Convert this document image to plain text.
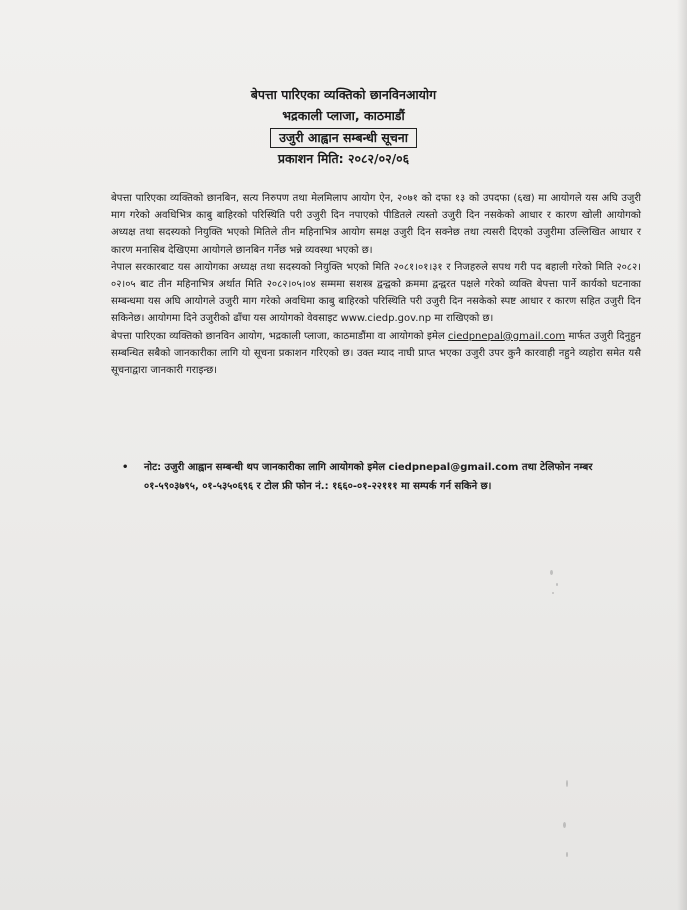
बेपत्ता पारिएका व्यक्तिको छानविनआयोग
भद्रकाली प्लाजा, काठमाडौं
उजुरी आह्वान सम्बन्धी सूचना
प्रकाशन मिति: २०८२/०२/०६

बेपत्ता पारिएका व्यक्तिको छानबिन, सत्य निरुपण तथा मेलमिलाप आयोग ऐन, २०७१ को दफा १३ को उपदफा (६ख) मा आयोगले यस अघि उजुरी माग गरेको अवधिभित्र काबु बाहिरको परिस्थिति परी उजुरी दिन नपाएको पीडितले त्यस्तो उजुरी दिन नसकेको आधार र कारण खोली आयोगको अध्यक्ष तथा सदस्यको नियुक्ति भएको मितिले तीन महिनाभित्र आयोग समक्ष उजुरी दिन सक्नेछ तथा त्यसरी दिएको उजुरीमा उल्लिखित आधार र कारण मनासिब देखिएमा आयोगले छानबिन गर्नेछ भन्ने व्यवस्था भएको छ।

नेपाल सरकारबाट यस आयोगका अध्यक्ष तथा सदस्यको नियुक्ति भएको मिति २०८१।०१।३१ र निजहरुले सपथ गरी पद बहाली गरेको मिति २०८२।०२।०५ बाट तीन महिनाभित्र अर्थात मिति २०८२।०५।०४ सम्ममा सशस्त्र द्वन्द्वको क्रममा द्वन्द्वरत पक्षले गरेको व्यक्ति बेपत्ता पार्ने कार्यको घटनाका सम्बन्धमा यस अघि आयोगले उजुरी माग गरेको अवधिमा काबु बाहिरको परिस्थिति परी उजुरी दिन नसकेको स्पष्ट आधार र कारण सहित उजुरी दिन सकिनेछ। आयोगमा दिने उजुरीको ढाँचा यस आयोगको वेवसाइट www.ciedp.gov.np मा राखिएको छ।

बेपत्ता पारिएका व्यक्तिको छानविन आयोग, भद्रकाली प्लाजा, काठमाडौंमा वा आयोगको इमेल ciedpnepal@gmail.com मार्फत उजुरी दिनुहुन सम्बन्धित सबैको जानकारीका लागि यो सूचना प्रकाशन गरिएको छ। उक्त म्याद नाघी प्राप्त भएका उजुरी उपर कुनै कारवाही नहुने व्यहोरा समेत यसै सूचनाद्वारा जानकारी गराइन्छ।

• नोट: उजुरी आह्वान सम्बन्धी थप जानकारीका लागि आयोगको इमेल ciedpnepal@gmail.com तथा टेलिफोन नम्बर ०१-५९०३७९५, ०१-५३५०६९६ र टोल फ्री फोन नं.: १६६०-०१-२२१११ मा सम्पर्क गर्न सकिने छ।
